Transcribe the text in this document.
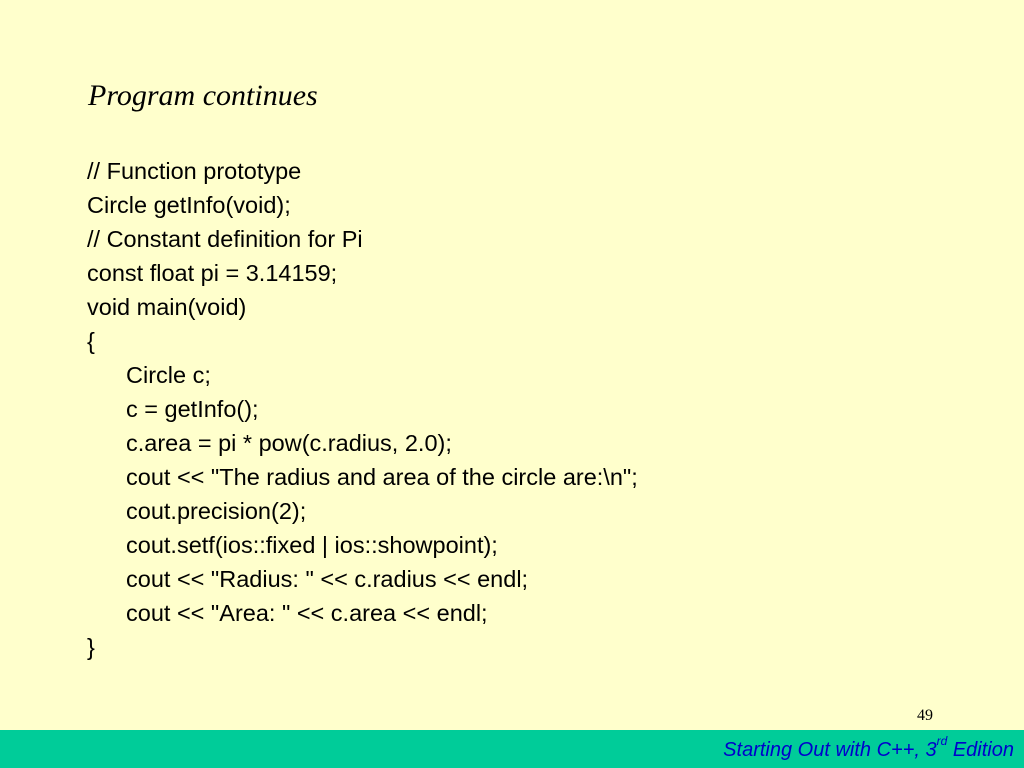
Program continues
// Function prototype
Circle getInfo(void);
// Constant definition for Pi
const float pi = 3.14159;
void main(void)
{
Circle c;
c = getInfo();
c.area = pi * pow(c.radius, 2.0);
cout << "The radius and area of the circle are:\n";
cout.precision(2);
cout.setf(ios::fixed | ios::showpoint);
cout << "Radius: " << c.radius << endl;
cout << "Area: " << c.area << endl;
}
49
Starting Out with C++, 3rd Edition
